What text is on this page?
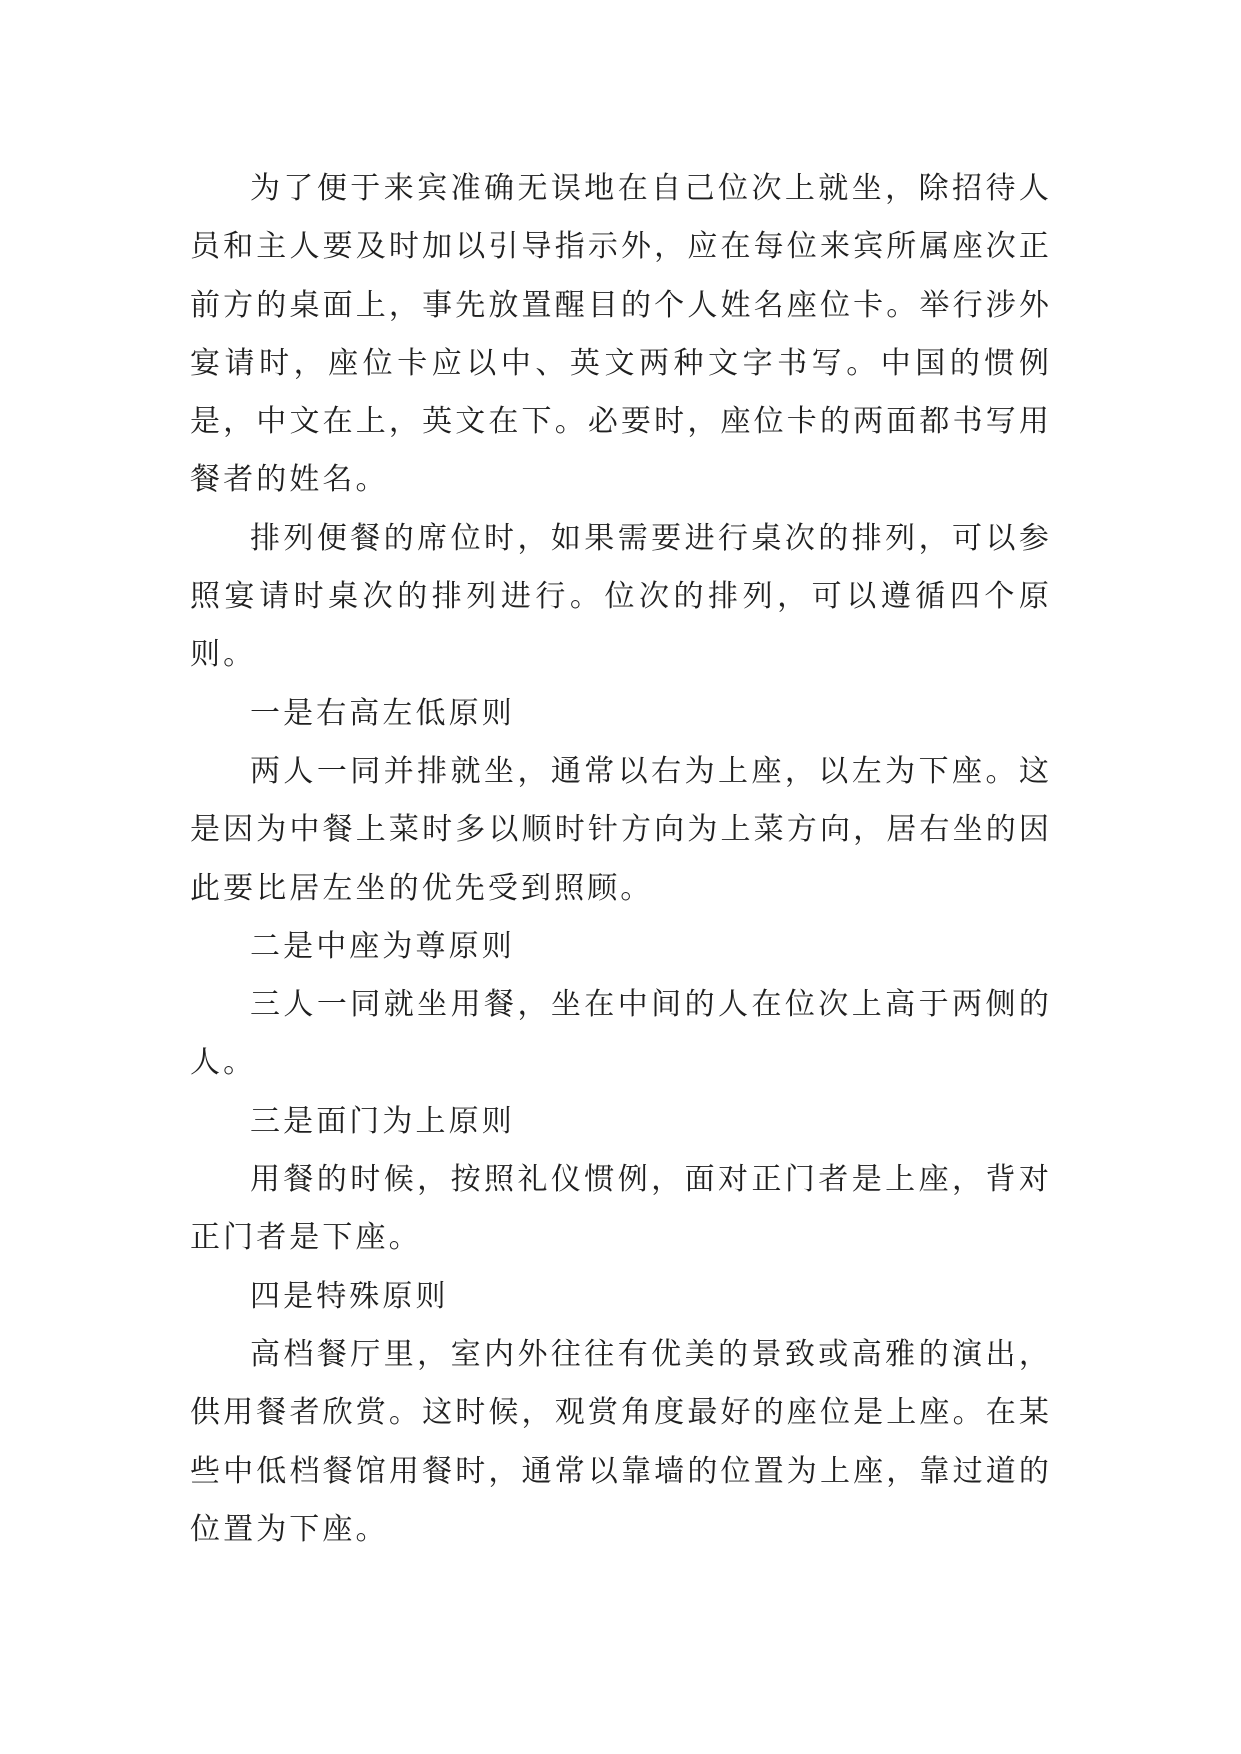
为了便于来宾准确无误地在自己位次上就坐，除招待人员和主人要及时加以引导指示外，应在每位来宾所属座次正前方的桌面上，事先放置醒目的个人姓名座位卡。举行涉外宴请时，座位卡应以中、英文两种文字书写。中国的惯例是，中文在上，英文在下。必要时，座位卡的两面都书写用餐者的姓名。

排列便餐的席位时，如果需要进行桌次的排列，可以参照宴请时桌次的排列进行。位次的排列，可以遵循四个原则。

一是右高左低原则

两人一同并排就坐，通常以右为上座，以左为下座。这是因为中餐上菜时多以顺时针方向为上菜方向，居右坐的因此要比居左坐的优先受到照顾。

二是中座为尊原则

三人一同就坐用餐，坐在中间的人在位次上高于两侧的人。

三是面门为上原则

用餐的时候，按照礼仪惯例，面对正门者是上座，背对正门者是下座。

四是特殊原则

高档餐厅里，室内外往往有优美的景致或高雅的演出，供用餐者欣赏。这时候，观赏角度最好的座位是上座。在某些中低档餐馆用餐时，通常以靠墙的位置为上座，靠过道的位置为下座。
